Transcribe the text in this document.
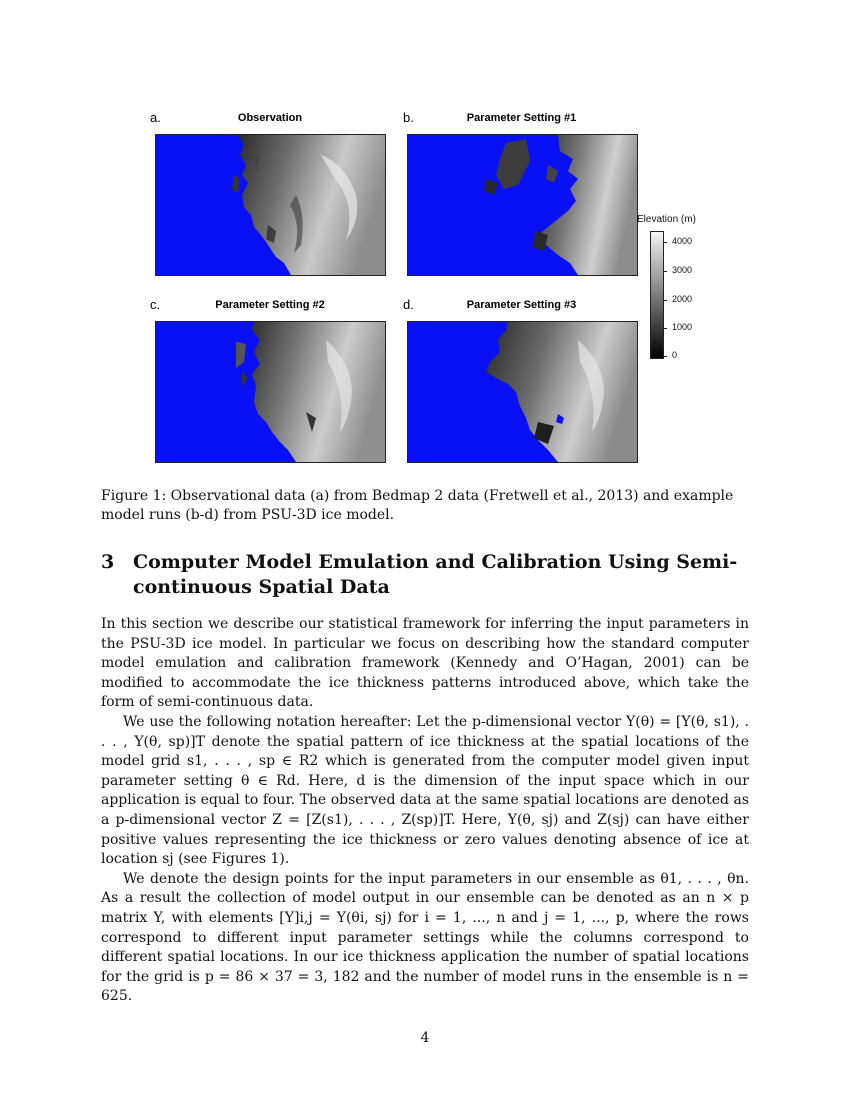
a.	Observation	b.	Parameter Setting #1
c.	Parameter Setting #2	d.	Parameter Setting #3
Elevation (m)
4000
3000
2000
1000
0
Figure 1: Observational data (a) from Bedmap 2 data (Fretwell et al., 2013) and example model runs (b-d) from PSU-3D ice model.
3 Computer Model Emulation and Calibration Using Semi-continuous Spatial Data

In this section we describe our statistical framework for inferring the input parameters in the PSU-3D ice model. In particular we focus on describing how the standard computer model emulation and calibration framework (Kennedy and O’Hagan, 2001) can be modified to accommodate the ice thickness patterns introduced above, which take the form of semi-continuous data.

We use the following notation hereafter: Let the p-dimensional vector Y(θ) = [Y(θ, s1), . . . , Y(θ, sp)]T denote the spatial pattern of ice thickness at the spatial locations of the model grid s1, . . . , sp ∈ R2 which is generated from the computer model given input parameter setting θ ∈ Rd. Here, d is the dimension of the input space which in our application is equal to four. The observed data at the same spatial locations are denoted as a p-dimensional vector Z = [Z(s1), . . . , Z(sp)]T. Here, Y(θ, sj) and Z(sj) can have either positive values representing the ice thickness or zero values denoting absence of ice at location sj (see Figures 1).

We denote the design points for the input parameters in our ensemble as θ1, . . . , θn. As a result the collection of model output in our ensemble can be denoted as an n × p matrix Y, with elements [Y]i,j = Y(θi, sj) for i = 1, ..., n and j = 1, ..., p, where the rows correspond to different input parameter settings while the columns correspond to different spatial locations. In our ice thickness application the number of spatial locations for the grid is p = 86 × 37 = 3, 182 and the number of model runs in the ensemble is n = 625.

4
